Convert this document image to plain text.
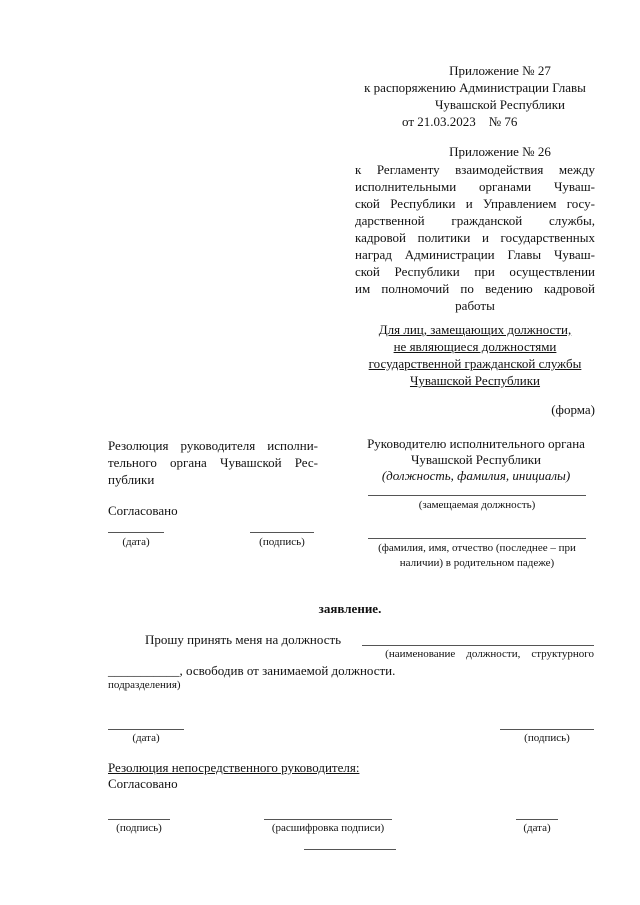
Приложение № 27
к распоряжению Администрации Главы
Чувашской Республики
от 21.03.2023    № 76
Приложение № 26
к Регламенту взаимодействия между
исполнительными органами Чуваш-
ской Республики и Управлением госу-
дарственной гражданской службы,
кадровой политики и государственных
наград Администрации Главы Чуваш-
ской Республики при осуществлении
им полномочий по ведению кадровой
работы
Для лиц, замещающих должности,
не являющиеся должностями
государственной гражданской службы
Чувашской Республики
(форма)
Резолюция руководителя исполни-
тельного органа Чувашской Рес-
публики
Согласовано
(дата)	(подпись)
Руководителю исполнительного органа
Чувашской Республики
(должность, фамилия, инициалы)
(замещаемая должность)
(фамилия, имя, отчество (последнее – при
наличии) в родительном падеже)
заявление.
Прошу принять меня на должность
(наименование    должности,    структурного
___________, освободив от занимаемой должности.
подразделения)
(дата)	(подпись)
Резолюция непосредственного руководителя:
Согласовано
(подпись)	(расшифровка подписи)	(дата)
